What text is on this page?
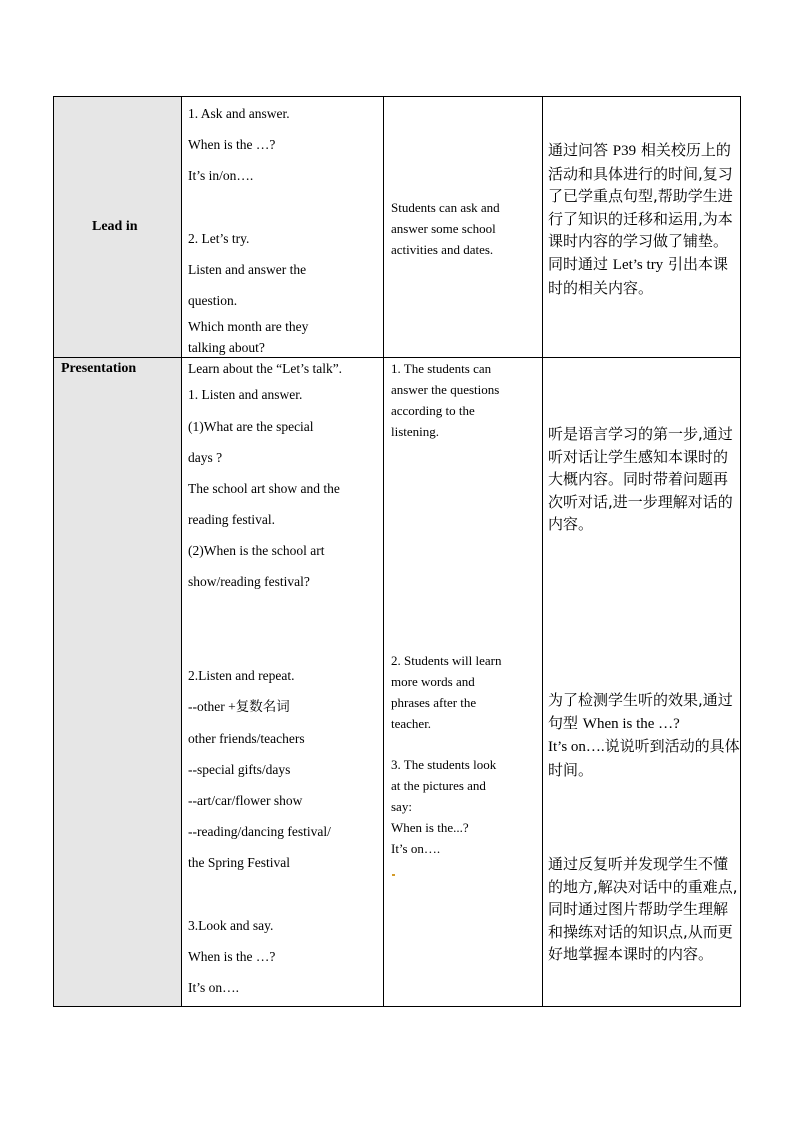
Lead in
1. Ask and answer.
When is the …?
It’s in/on….
2. Let’s try.
Listen and answer the
question.
Which month are they
talking about?
Students can ask and
answer some school
activities and dates.
通过问答 P39 相关校历上的活动和具体进行的时间,复习了已学重点句型,帮助学生进行了知识的迁移和运用,为本课时内容的学习做了铺垫。同时通过 Let’s try 引出本课时的相关内容。
Presentation	Learn about the “Let’s talk”.
1. Listen and answer.
(1)What are the special
days ?
The school art show and the
reading festival.
(2)When is the school art
show/reading festival?
2.Listen and repeat.
--other +复数名词
other friends/teachers
--special gifts/days
--art/car/flower show
--reading/dancing festival/
the Spring Festival
3.Look and say.
When is the …?
It’s on….
1. The students can
answer the questions
according to the
listening.
2. Students will learn
more words and
phrases after the
teacher.
3. The students look
at the pictures and
say:
When is the...?
It’s on….
听是语言学习的第一步,通过听对话让学生感知本课时的大概内容。同时带着问题再次听对话,进一步理解对话的内容。
为了检测学生听的效果,通过句型 When is the …?
It’s on….说说听到活动的具体时间。
通过反复听并发现学生不懂的地方,解决对话中的重难点,同时通过图片帮助学生理解和操练对话的知识点,从而更好地掌握本课时的内容。
